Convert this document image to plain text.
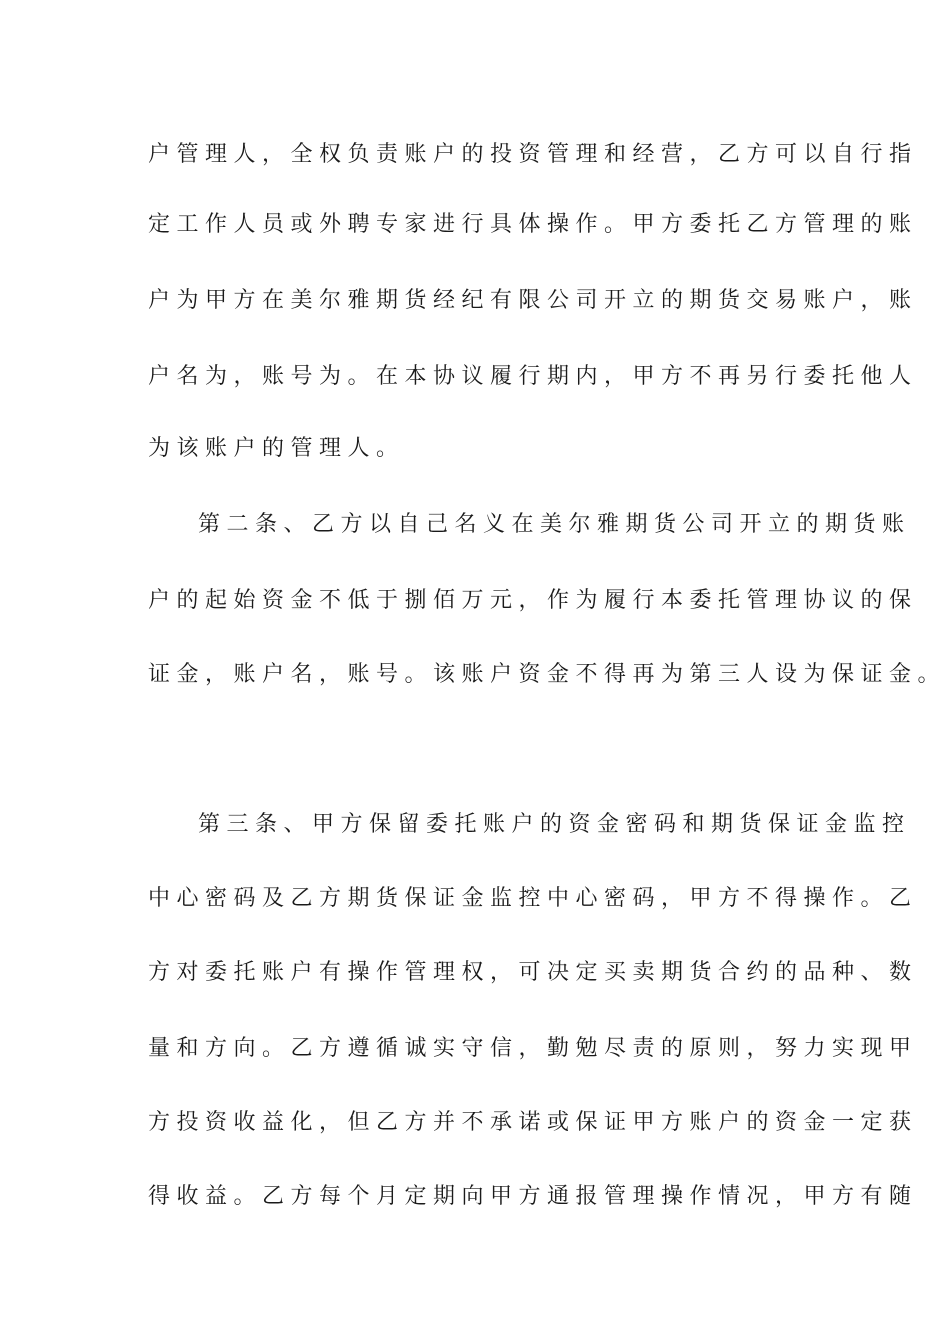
户管理人，全权负责账户的投资管理和经营，乙方可以自行指

定工作人员或外聘专家进行具体操作。甲方委托乙方管理的账

户为甲方在美尔雅期货经纪有限公司开立的期货交易账户，账

户名为，账号为。在本协议履行期内，甲方不再另行委托他人

为该账户的管理人。

第二条、乙方以自己名义在美尔雅期货公司开立的期货账

户的起始资金不低于捌佰万元，作为履行本委托管理协议的保

证金，账户名，账号。该账户资金不得再为第三人设为保证金。

第三条、甲方保留委托账户的资金密码和期货保证金监控

中心密码及乙方期货保证金监控中心密码，甲方不得操作。乙

方对委托账户有操作管理权，可决定买卖期货合约的品种、数

量和方向。乙方遵循诚实守信，勤勉尽责的原则，努力实现甲

方投资收益化，但乙方并不承诺或保证甲方账户的资金一定获

得收益。乙方每个月定期向甲方通报管理操作情况，甲方有随
